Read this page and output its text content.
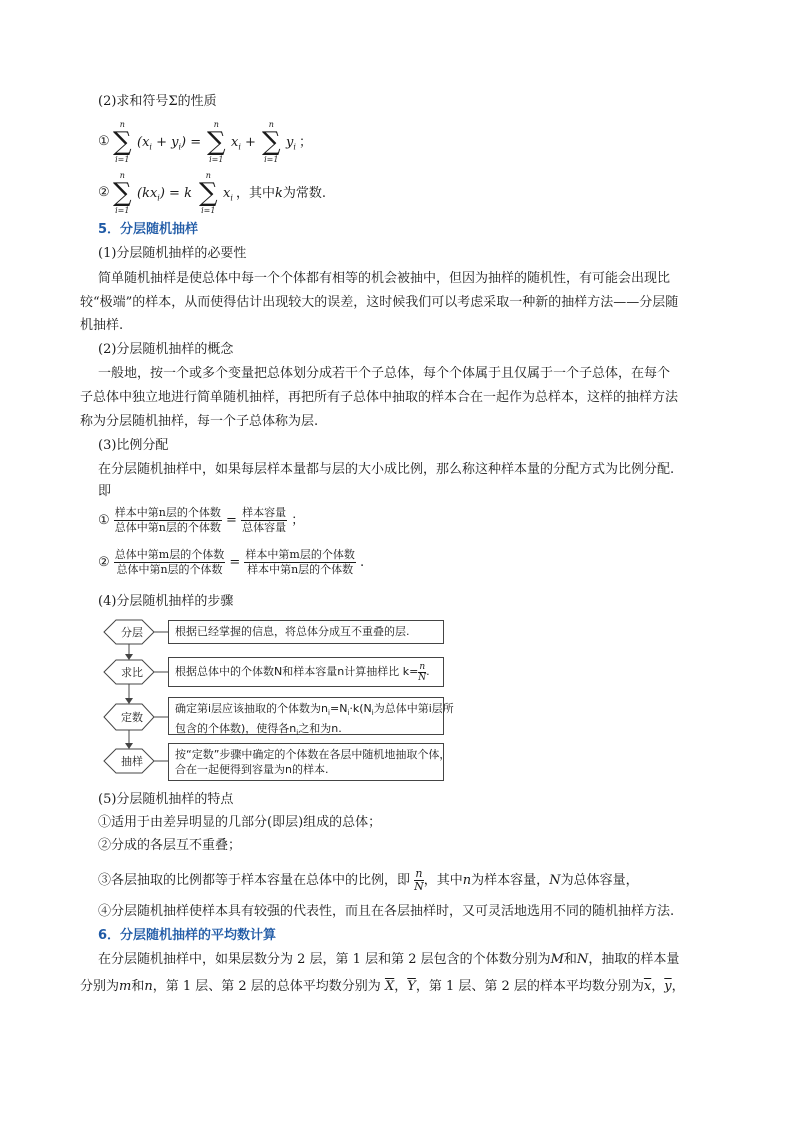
(2)求和符号Σ的性质
①
n
∑
i=1
$(x_i + y_i)$ =
n
∑
i=1
$x_i$ +
n
∑
i=1
$y_i$ ；
②
n
∑
i=1
$(kx_i) = k$
n
∑
i=1
$x_i$ ，其中k为常数.
5．分层随机抽样
(1)分层随机抽样的必要性
简单随机抽样是使总体中每一个个体都有相等的机会被抽中，但因为抽样的随机性，有可能会出现比
较“极端”的样本，从而使得估计出现较大的误差，这时候我们可以考虑采取一种新的抽样方法——分层随
机抽样.
(2)分层随机抽样的概念
一般地，按一个或多个变量把总体划分成若干个子总体，每个个体属于且仅属于一个子总体，在每个
子总体中独立地进行简单随机抽样，再把所有子总体中抽取的样本合在一起作为总样本，这样的抽样方法
称为分层随机抽样，每一个子总体称为层.
(3)比例分配
在分层随机抽样中，如果每层样本量都与层的大小成比例，那么称这种样本量的分配方式为比例分配.
即
① $\frac{\text{样本中第n层的个体数}}{\text{总体中第n层的个体数}} = \frac{\text{样本容量}}{\text{总体容量}}$ ；
② $\frac{\text{总体中第m层的个体数}}{\text{总体中第n层的个体数}} = \frac{\text{样本中第m层的个体数}}{\text{样本中第n层的个体数}}$ .
(4)分层随机抽样的步骤
分层
求比
定数
抽样
根据已经掌握的信息，将总体分成互不重叠的层.
根据总体中的个体数N和样本容量n计算抽样比 $k= \frac{n}{N}$ .
确定第i层应该抽取的个体数为$n_i=N_i\cdot k(N_i$为总体中第i层所
包含的个体数)，使得各$n_i$之和为n.
按“定数”步骤中确定的个体数在各层中随机地抽取个体，
合在一起便得到容量为n的样本.
(5)分层随机抽样的特点
①适用于由差异明显的几部分(即层)组成的总体；
②分成的各层互不重叠；
③各层抽取的比例都等于样本容量在总体中的比例，即 $\frac{n}{N}$ ，其中n为样本容量，N为总体容量，
④分层随机抽样使样本具有较强的代表性，而且在各层抽样时，又可灵活地选用不同的随机抽样方法.
6．分层随机抽样的平均数计算
在分层随机抽样中，如果层数分为 2 层，第 1 层和第 2 层包含的个体数分别为M和N，抽取的样本量
分别为m和n，第 1 层、第 2 层的总体平均数分别为 $\overline{X}$，$\overline{Y}$，第 1 层、第 2 层的样本平均数分别为$\overline{x}$，$\overline{y}$，
